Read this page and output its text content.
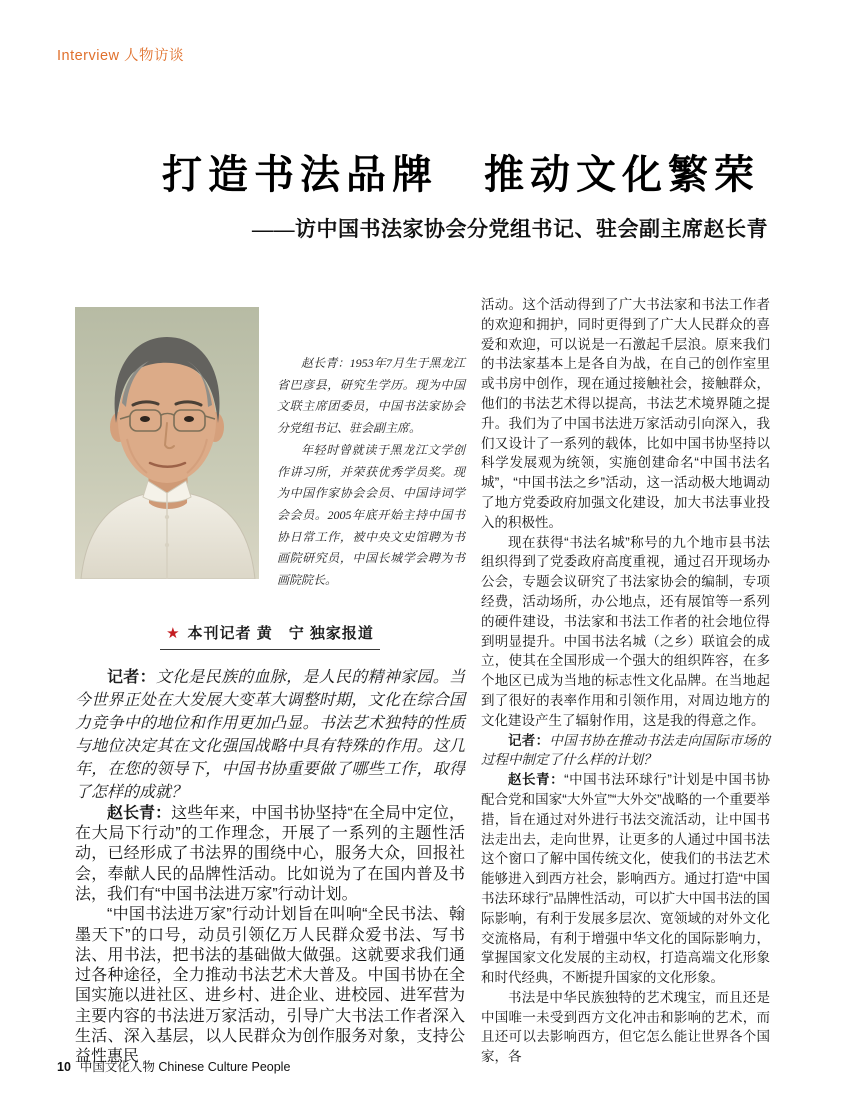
Interview 人物访谈
打造书法品牌　推动文化繁荣
——访中国书法家协会分党组书记、驻会副主席赵长青

赵长青：1953年7月生于黑龙江省巴彦县，研究生学历。现为中国文联主席团委员，中国书法家协会分党组书记、驻会副主席。

年轻时曾就读于黑龙江文学创作讲习所，并荣获优秀学员奖。现为中国作家协会会员、中国诗词学会会员。2005年底开始主持中国书协日常工作，被中央文史馆聘为书画院研究员，中国长城学会聘为书画院院长。

★ 本刊记者 黄　宁 独家报道

记者：文化是民族的血脉，是人民的精神家园。当今世界正处在大发展大变革大调整时期，文化在综合国力竞争中的地位和作用更加凸显。书法艺术独特的性质与地位决定其在文化强国战略中具有特殊的作用。这几年，在您的领导下，中国书协重要做了哪些工作，取得了怎样的成就？

赵长青：这些年来，中国书协坚持“在全局中定位，在大局下行动”的工作理念，开展了一系列的主题性活动，已经形成了书法界的围绕中心，服务大众，回报社会，奉献人民的品牌性活动。比如说为了在国内普及书法，我们有“中国书法进万家”行动计划。

“中国书法进万家”行动计划旨在叫响“全民书法、翰墨天下”的口号，动员引领亿万人民群众爱书法、写书法、用书法，把书法的基础做大做强。这就要求我们通过各种途径，全力推动书法艺术大普及。中国书协在全国实施以进社区、进乡村、进企业、进校园、进军营为主要内容的书法进万家活动，引导广大书法工作者深入生活、深入基层，以人民群众为创作服务对象，支持公益性惠民

活动。这个活动得到了广大书法家和书法工作者的欢迎和拥护，同时更得到了广大人民群众的喜爱和欢迎，可以说是一石激起千层浪。原来我们的书法家基本上是各自为战，在自己的创作室里或书房中创作，现在通过接触社会，接触群众，他们的书法艺术得以提高，书法艺术境界随之提升。我们为了中国书法进万家活动引向深入，我们又设计了一系列的载体，比如中国书协坚持以科学发展观为统领，实施创建命名“中国书法名城”，“中国书法之乡”活动，这一活动极大地调动了地方党委政府加强文化建设，加大书法事业投入的积极性。

现在获得“书法名城”称号的九个地市县书法组织得到了党委政府高度重视，通过召开现场办公会，专题会议研究了书法家协会的编制，专项经费，活动场所，办公地点，还有展馆等一系列的硬件建设，书法家和书法工作者的社会地位得到明显提升。中国书法名城（之乡）联谊会的成立，使其在全国形成一个强大的组织阵容，在多个地区已成为当地的标志性文化品牌。在当地起到了很好的表率作用和引领作用，对周边地方的文化建设产生了辐射作用，这是我的得意之作。

记者：中国书协在推动书法走向国际市场的过程中制定了什么样的计划？

赵长青：“中国书法环球行”计划是中国书协配合党和国家“大外宣”“大外交”战略的一个重要举措，旨在通过对外进行书法交流活动，让中国书法走出去，走向世界，让更多的人通过中国书法这个窗口了解中国传统文化，使我们的书法艺术能够进入到西方社会，影响西方。通过打造“中国书法环球行”品牌性活动，可以扩大中国书法的国际影响，有利于发展多层次、宽领域的对外文化交流格局，有利于增强中华文化的国际影响力，掌握国家文化发展的主动权，打造高端文化形象和时代经典，不断提升国家的文化形象。

书法是中华民族独特的艺术瑰宝，而且还是中国唯一未受到西方文化冲击和影响的艺术，而且还可以去影响西方，但它怎么能让世界各个国家，各

10 中国文化人物 Chinese Culture People
